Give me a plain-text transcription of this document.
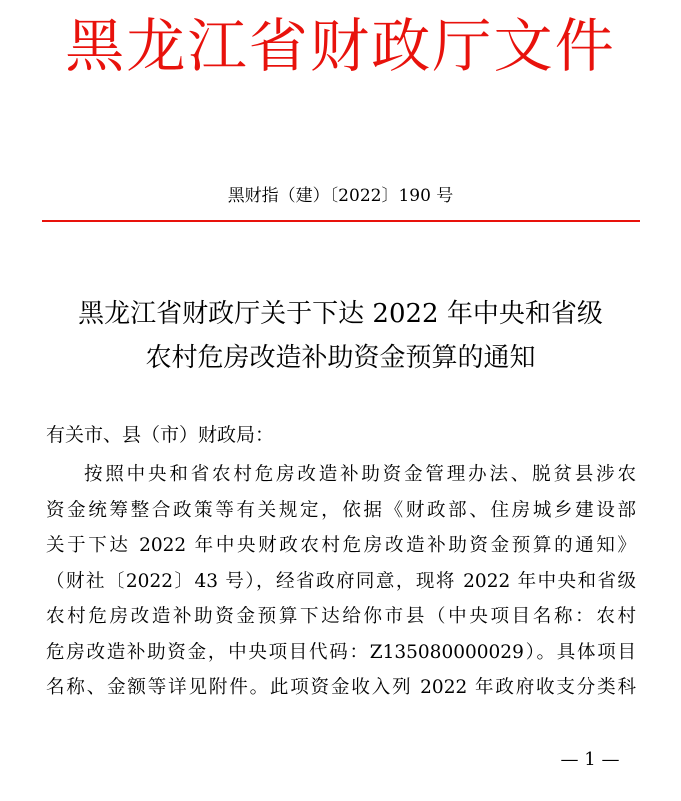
黑龙江省财政厅文件
黑财指（建）〔2022〕190 号
黑龙江省财政厅关于下达 2022 年中央和省级
农村危房改造补助资金预算的通知
有关市、县（市）财政局：
按照中央和省农村危房改造补助资金管理办法、脱贫县涉农
资金统筹整合政策等有关规定，依据《财政部、住房城乡建设部
关于下达 2022 年中央财政农村危房改造补助资金预算的通知》
（财社〔2022〕43 号），经省政府同意，现将 2022 年中央和省级
农村危房改造补助资金预算下达给你市县（中央项目名称：农村
危房改造补助资金，中央项目代码：Z135080000029）。具体项目
名称、金额等详见附件。此项资金收入列 2022 年政府收支分类科
— 1 —
